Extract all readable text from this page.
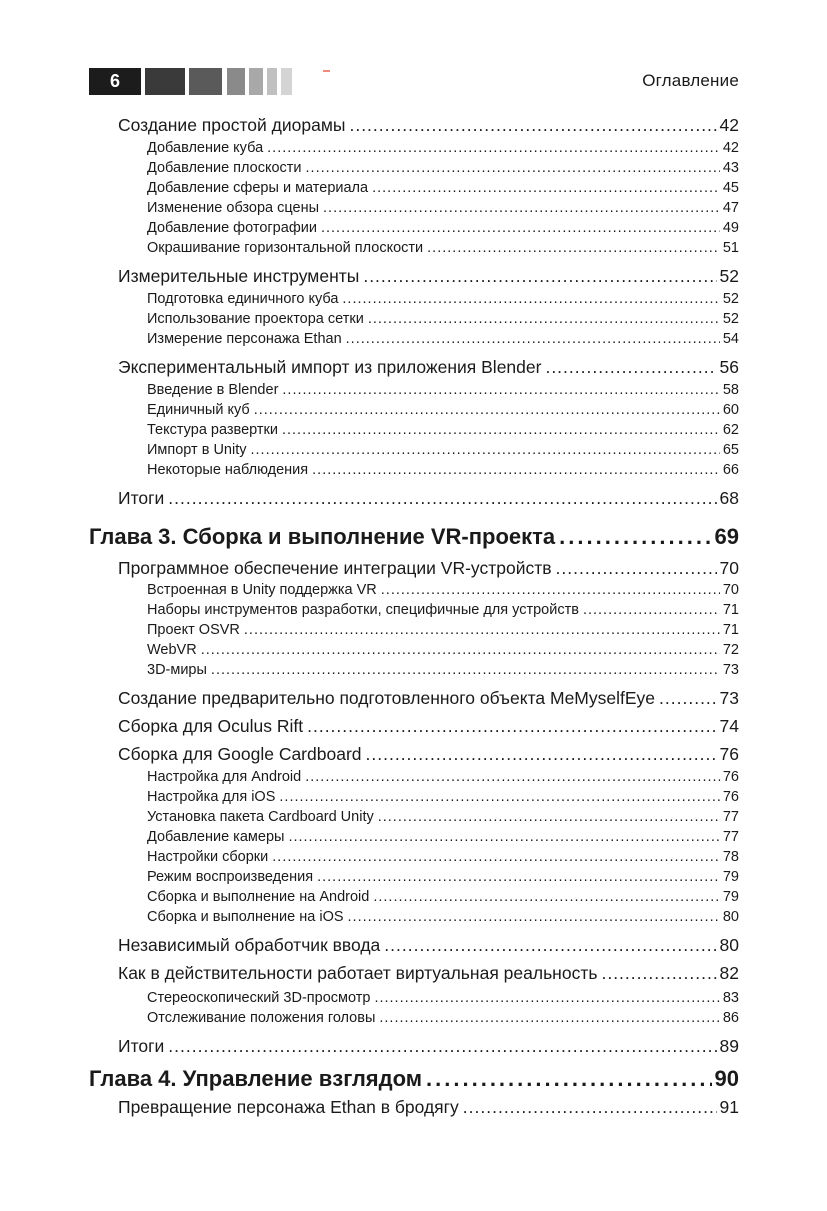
6	Оглавление
Создание простой диорамы .....	42
Добавление куба .....	42
Добавление плоскости .....	43
Добавление сферы и материала .....	45
Изменение обзора сцены .....	47
Добавление фотографии .....	49
Окрашивание горизонтальной плоскости .....	51
Измерительные инструменты .....	52
Подготовка единичного куба .....	52
Использование проектора сетки .....	52
Измерение персонажа Ethan .....	54
Экспериментальный импорт из приложения Blender .....	56
Введение в Blender .....	58
Единичный куб .....	60
Текстура развертки .....	62
Импорт в Unity .....	65
Некоторые наблюдения .....	66
Итоги .....	68
Глава 3. Сборка и выполнение VR-проекта .....	69
Программное обеспечение интеграции VR-устройств .....	70
Встроенная в Unity поддержка VR .....	70
Наборы инструментов разработки, специфичные для устройств .....	71
Проект OSVR .....	71
WebVR .....	72
3D-миры .....	73
Создание предварительно подготовленного объекта MeMyselfEye .....	73
Сборка для Oculus Rift .....	74
Сборка для Google Cardboard .....	76
Настройка для Android .....	76
Настройка для iOS .....	76
Установка пакета Cardboard Unity .....	77
Добавление камеры .....	77
Настройки сборки .....	78
Режим воспроизведения .....	79
Сборка и выполнение на Android .....	79
Сборка и выполнение на iOS .....	80
Независимый обработчик ввода .....	80
Как в действительности работает виртуальная реальность .....	82
Стереоскопический 3D-просмотр .....	83
Отслеживание положения головы .....	86
Итоги .....	89
Глава 4. Управление взглядом .....	90
Превращение персонажа Ethan в бродягу .....	91
